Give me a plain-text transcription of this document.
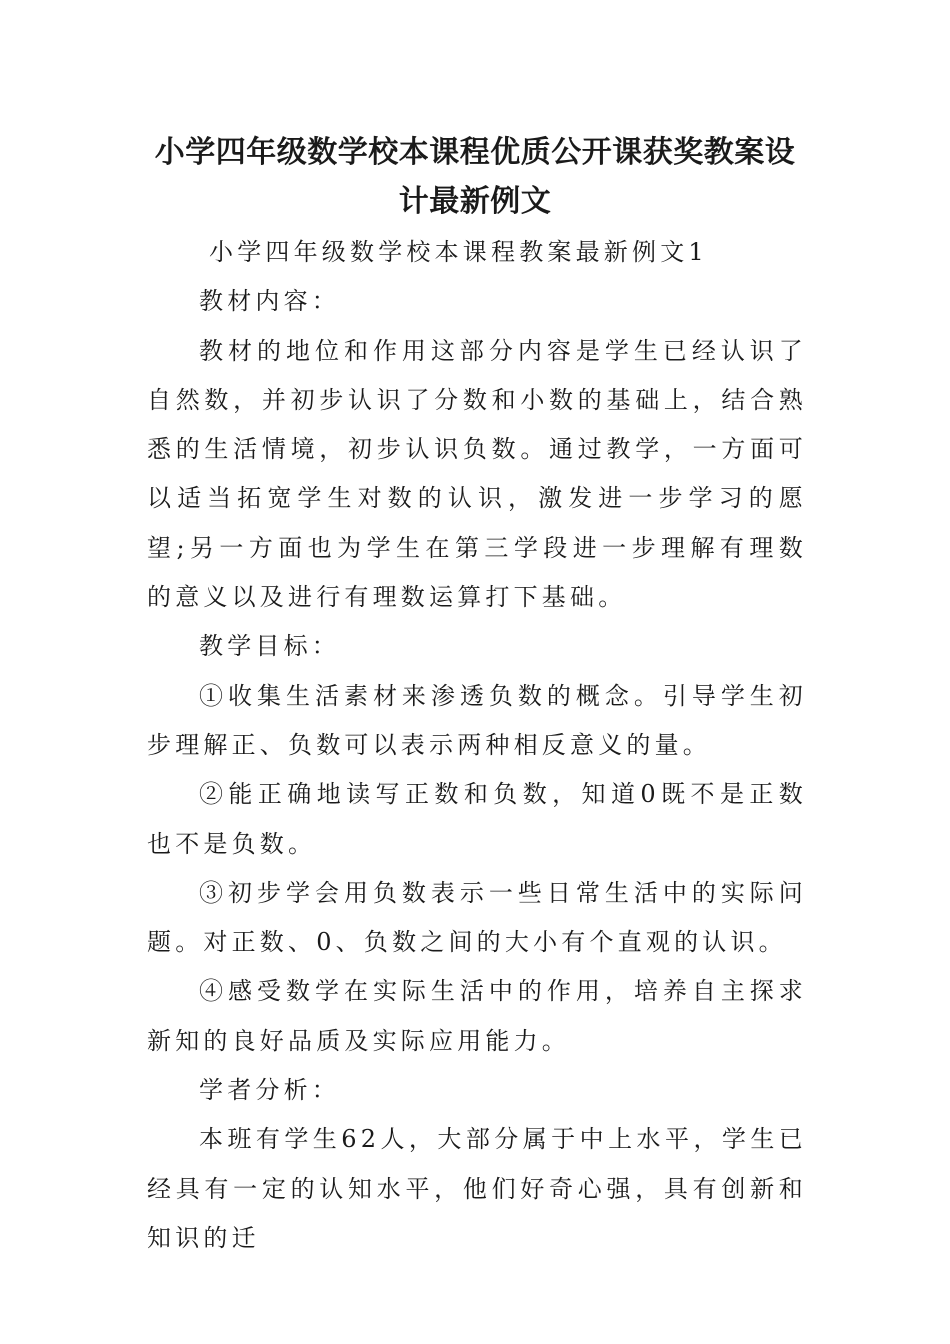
小学四年级数学校本课程优质公开课获奖教案设计最新例文

小学四年级数学校本课程教案最新例文1

教材内容：

教材的地位和作用这部分内容是学生已经认识了自然数，并初步认识了分数和小数的基础上，结合熟悉的生活情境，初步认识负数。通过教学，一方面可以适当拓宽学生对数的认识，激发进一步学习的愿望;另一方面也为学生在第三学段进一步理解有理数的意义以及进行有理数运算打下基础。

教学目标：

①收集生活素材来渗透负数的概念。引导学生初步理解正、负数可以表示两种相反意义的量。

②能正确地读写正数和负数，知道0既不是正数也不是负数。

③初步学会用负数表示一些日常生活中的实际问题。对正数、0、负数之间的大小有个直观的认识。

④感受数学在实际生活中的作用，培养自主探求新知的良好品质及实际应用能力。

学者分析：

本班有学生62人，大部分属于中上水平，学生已经具有一定的认知水平，他们好奇心强，具有创新和知识的迁
